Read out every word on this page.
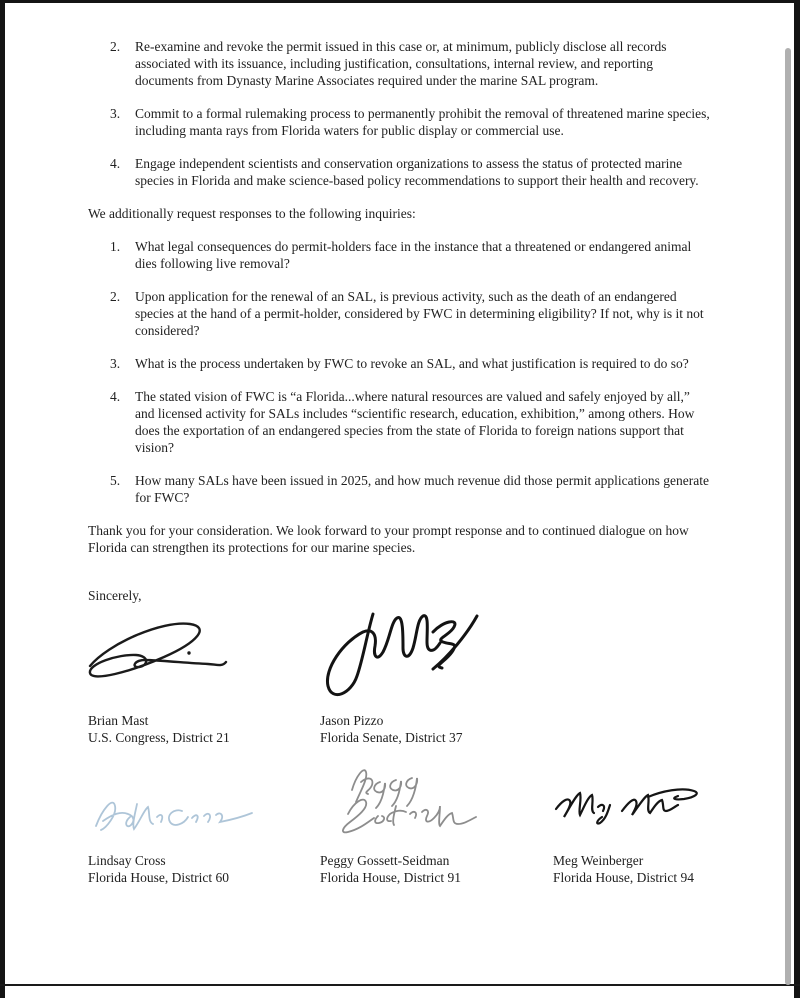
2.	Re-examine and revoke the permit issued in this case or, at minimum, publicly disclose all records associated with its issuance, including justification, consultations, internal review, and reporting documents from Dynasty Marine Associates required under the marine SAL program.
3.	Commit to a formal rulemaking process to permanently prohibit the removal of threatened marine species, including manta rays from Florida waters for public display or commercial use.
4.	Engage independent scientists and conservation organizations to assess the status of protected marine species in Florida and make science-based policy recommendations to support their health and recovery.

We additionally request responses to the following inquiries:

1.	What legal consequences do permit-holders face in the instance that a threatened or endangered animal dies following live removal?
2.	Upon application for the renewal of an SAL, is previous activity, such as the death of an endangered species at the hand of a permit-holder, considered by FWC in determining eligibility? If not, why is it not considered?
3.	What is the process undertaken by FWC to revoke an SAL, and what justification is required to do so?
4.	The stated vision of FWC is “a Florida...where natural resources are valued and safely enjoyed by all,” and licensed activity for SALs includes “scientific research, education, exhibition,” among others. How does the exportation of an endangered species from the state of Florida to foreign nations support that vision?
5.	How many SALs have been issued in 2025, and how much revenue did those permit applications generate for FWC?

Thank you for your consideration. We look forward to your prompt response and to continued dialogue on how Florida can strengthen its protections for our marine species.

Sincerely,

Brian Mast
U.S. Congress, District 21
Jason Pizzo
Florida Senate, District 37
Lindsay Cross
Florida House, District 60
Peggy Gossett-Seidman
Florida House, District 91
Meg Weinberger
Florida House, District 94
